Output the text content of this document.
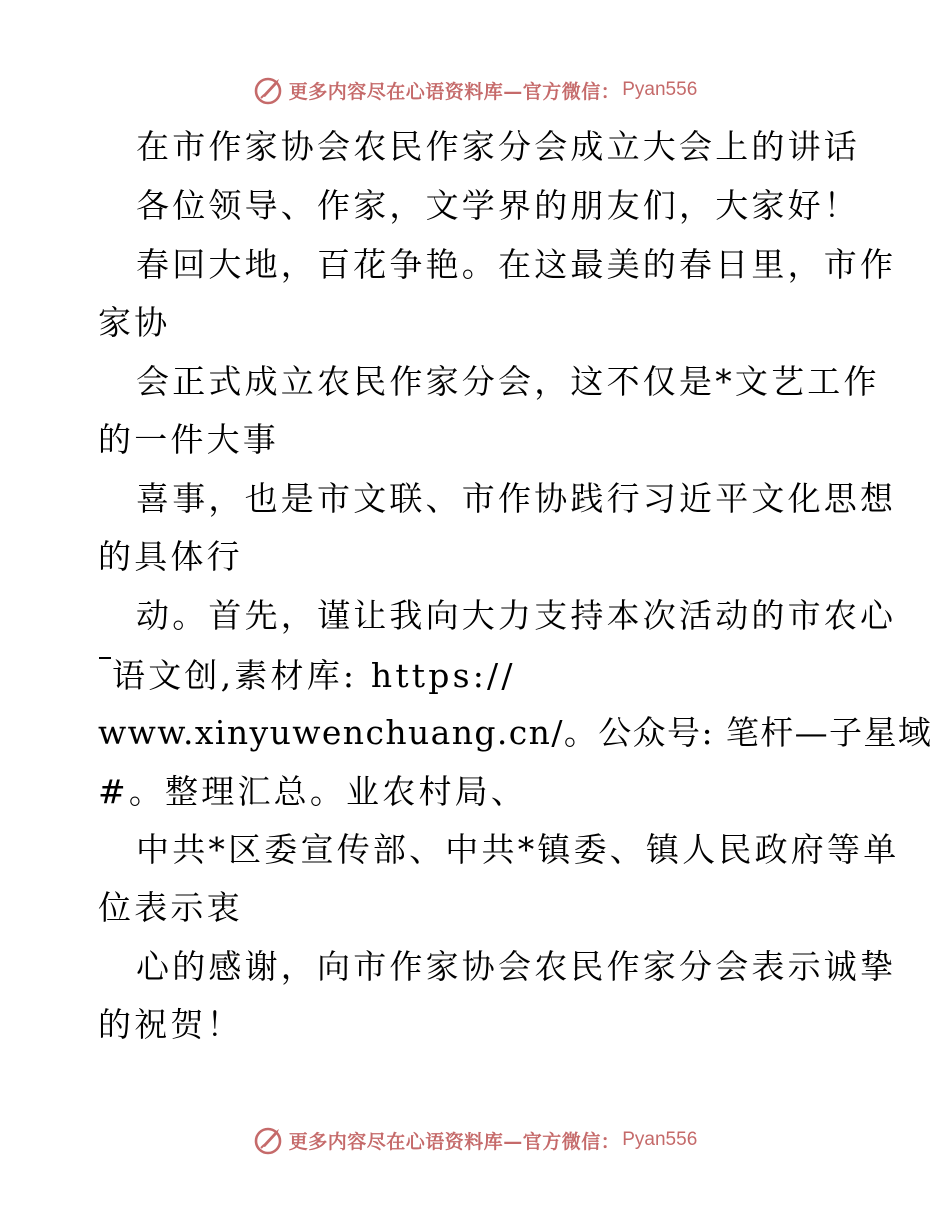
更多内容尽在心语资料库—官方微信： Pyan556
在市作家协会农民作家分会成立大会上的讲话
各位领导、作家，文学界的朋友们，大家好！
春回大地，百花争艳。在这最美的春日里，市作
家协
会正式成立农民作家分会，这不仅是*文艺工作
的一件大事
喜事，也是市文联、市作协践行习近平文化思想
的具体行
动。首先，谨让我向大力支持本次活动的市农心
语文创,素材库: https://
www.xinyuwenchuang.cn/。公众号: 笔杆—子星域
#。整理汇总。业农村局、
中共*区委宣传部、中共*镇委、镇人民政府等单
位表示衷
心的感谢，向市作家协会农民作家分会表示诚挚
的祝贺！
更多内容尽在心语资料库—官方微信： Pyan556
